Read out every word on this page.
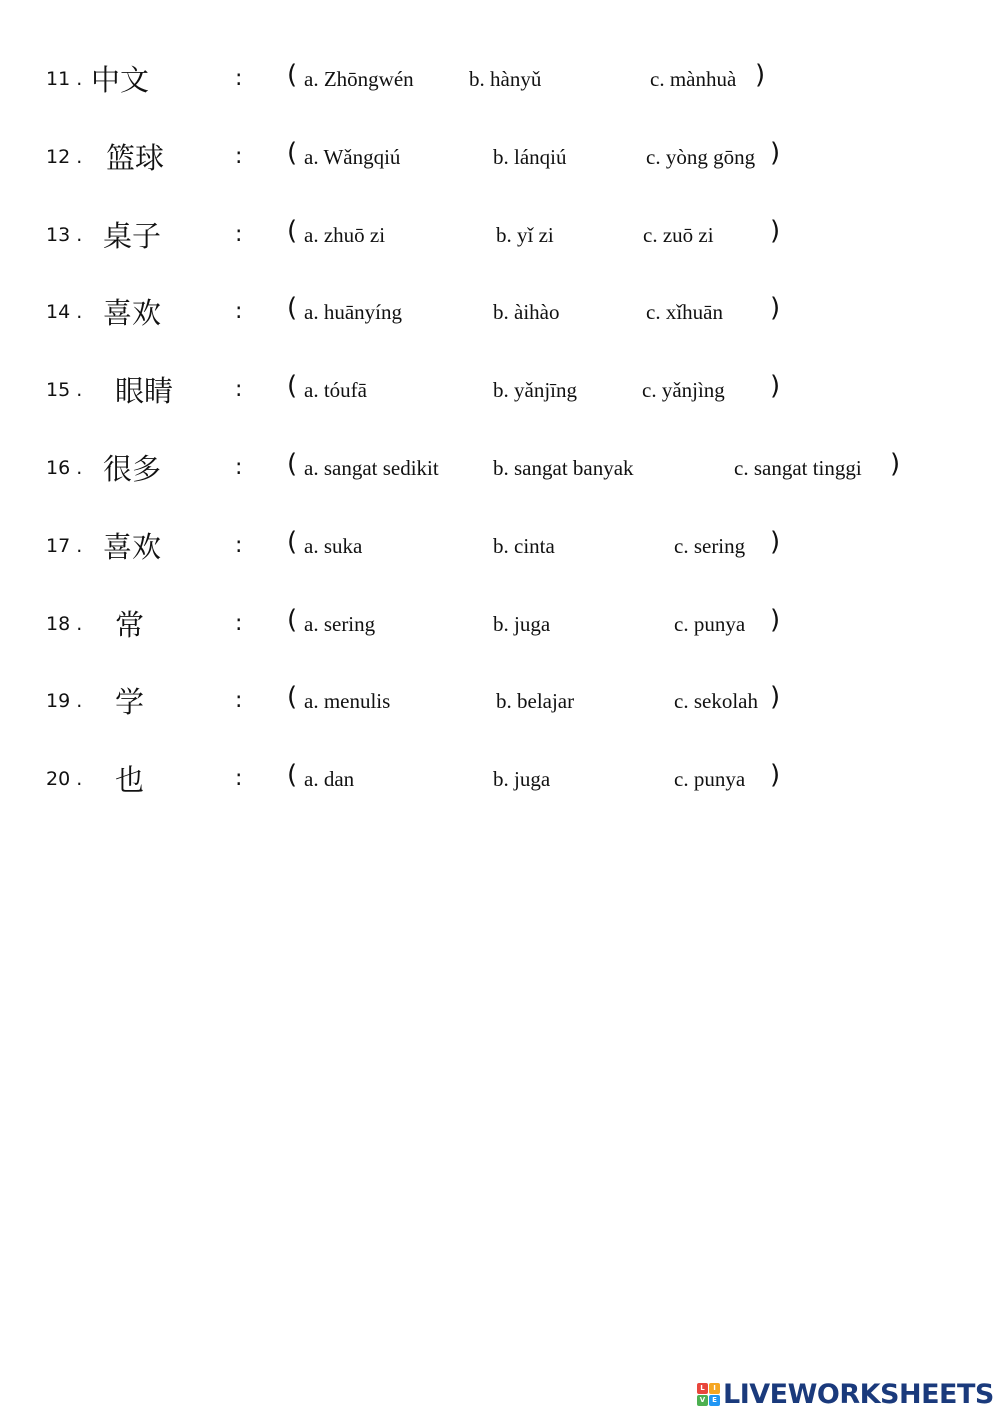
11 . 中文	: ( a. Zhōngwén	b. hànyǔ	c. mànhuà )
12 . 篮球	: ( a. Wǎngqiú	b. lánqiú	c. yòng gōng )
13 . 桌子	: ( a. zhuō zi	b. yǐ zi	c. zuō zi )
14 . 喜欢	: ( a. huānyíng	b. àihào	c. xǐhuān )
15 . 眼睛	: ( a. tóufā	b. yǎnjīng	c. yǎnjìng )
16 . 很多	: ( a. sangat sedikit	b. sangat banyak	c. sangat tinggi )
17 . 喜欢	: ( a. suka	b. cinta	c. sering )
18 . 常	: ( a. sering	b. juga	c. punya )
19 . 学	: ( a. menulis	b. belajar	c. sekolah )
20 . 也	: ( a. dan	b. juga	c. punya )
L	I
V E LIVEWORKSHEETS
